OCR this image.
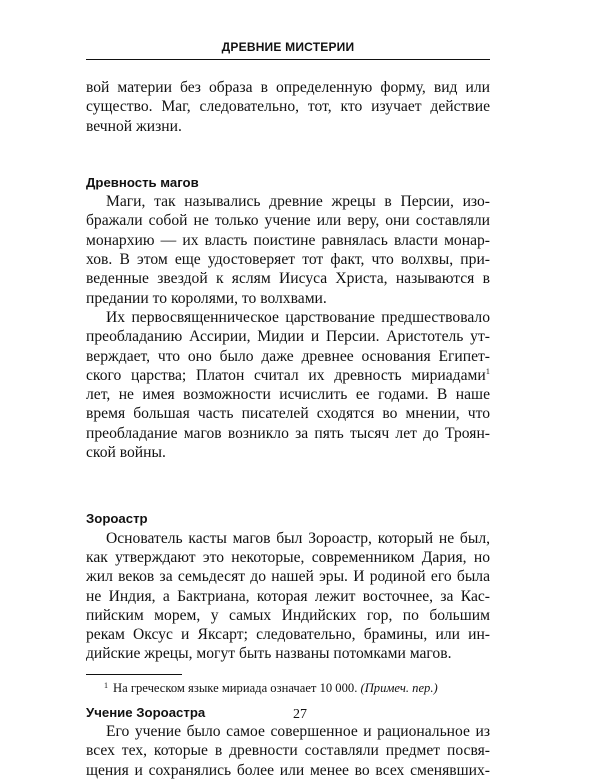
ДРЕВНИЕ МИСТЕРИИ
вой материи без образа в определенную форму, вид или
существо. Маг, следовательно, тот, кто изучает действие
вечной жизни.
Древность магов
Маги, так назывались древние жрецы в Персии, изо-
бражали собой не только учение или веру, они составляли
монархию — их власть поистине равнялась власти монар-
хов. В этом еще удостоверяет тот факт, что волхвы, при-
веденные звездой к яслям Иисуса Христа, называются в
предании то королями, то волхвами.
Их первосвященническое царствование предшествовало
преобладанию Ассирии, Мидии и Персии. Аристотель ут-
верждает, что оно было даже древнее основания Египет-
ского царства; Платон считал их древность мириадами$^1$
лет, не имея возможности исчислить ее годами. В наше
время большая часть писателей сходятся во мнении, что
преобладание магов возникло за пять тысяч лет до Троян-
ской войны.
Зороастр
Основатель касты магов был Зороастр, который не был,
как утверждают это некоторые, современником Дария, но
жил веков за семьдесят до нашей эры. И родиной его была
не Индия, а Бактриана, которая лежит восточнее, за Кас-
пийским морем, у самых Индийских гор, по большим
рекам Оксус и Яксарт; следовательно, брамины, или ин-
дийские жрецы, могут быть названы потомками магов.
Учение Зороастра
Его учение было самое совершенное и рациональное из
всех тех, которые в древности составляли предмет посвя-
щения и сохранялись более или менее во всех сменявших-
$^1$ На греческом языке мириада означает 10 000. (Примеч. пер.)
27
